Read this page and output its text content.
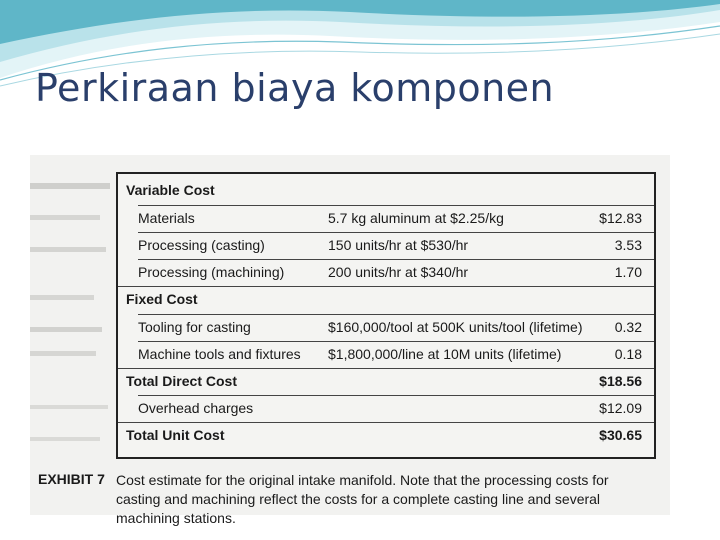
Perkiraan biaya komponen
Variable Cost
Materials	5.7 kg aluminum at $2.25/kg	$12.83
Processing (casting)	150 units/hr at $530/hr	3.53
Processing (machining)	200 units/hr at $340/hr	1.70
Fixed Cost
Tooling for casting	$160,000/tool at 500K units/tool (lifetime) 0.32
Machine tools and fixtures $1,800,000/line at 10M units (lifetime)	0.18
Total Direct Cost	$18.56
Overhead charges	$12.09
Total Unit Cost	$30.65
EXHIBIT 7 Cost estimate for the original intake manifold. Note that the processing costs for casting and machining reflect the costs for a complete casting line and several machining stations.
